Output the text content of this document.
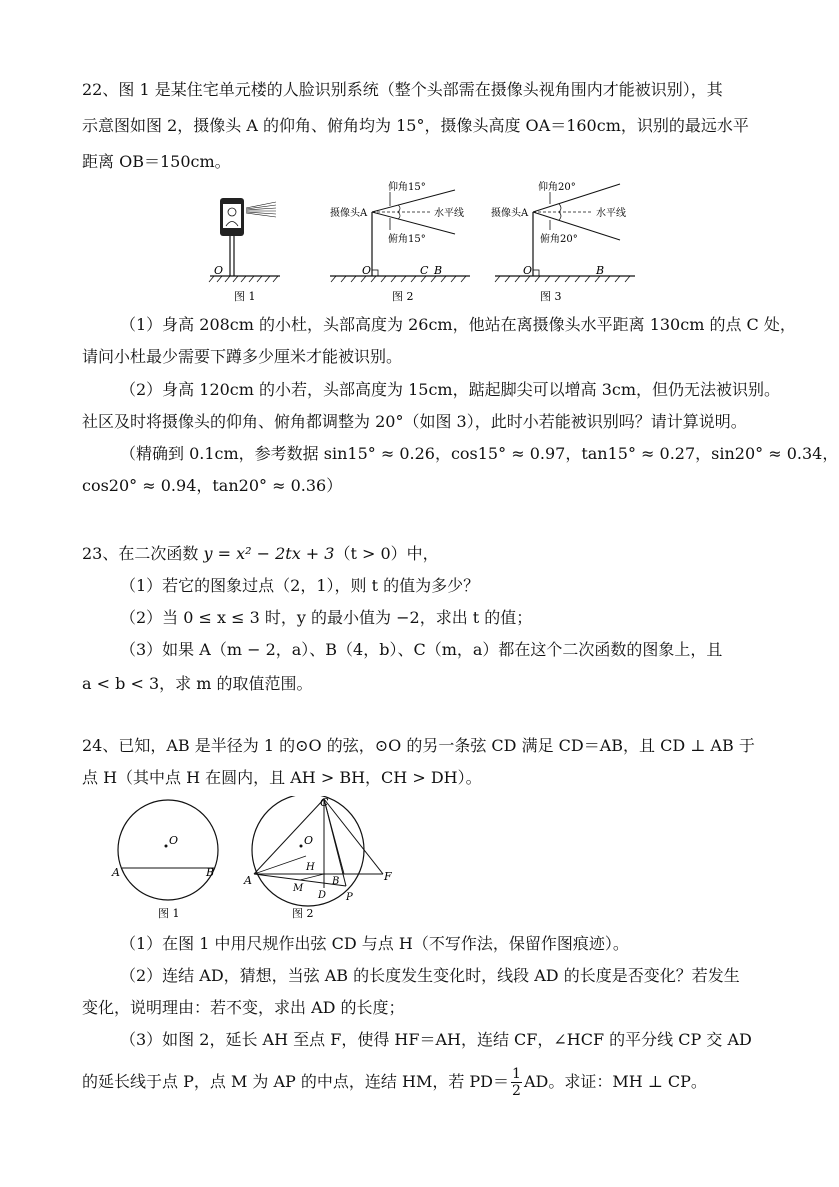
22、图 1 是某住宅单元楼的人脸识别系统（整个头部需在摄像头视角围内才能被识别），其
示意图如图 2，摄像头 A 的仰角、俯角均为 15°，摄像头高度 OA＝160cm，识别的最远水平
距离 OB＝150cm。
O
图 1
仰角15°
俯角15°
摄像头A	水平线
O	C B
图 2
仰角20°
俯角20°
摄像头A	水平线
O	B
图 3
（1）身高 208cm 的小杜，头部高度为 26cm，他站在离摄像头水平距离 130cm 的点 C 处，
请问小杜最少需要下蹲多少厘米才能被识别。
（2）身高 120cm 的小若，头部高度为 15cm，踮起脚尖可以增高 3cm，但仍无法被识别。
社区及时将摄像头的仰角、俯角都调整为 20°（如图 3），此时小若能被识别吗？请计算说明。
（精确到 0.1cm，参考数据 sin15° ≈ 0.26，cos15° ≈ 0.97，tan15° ≈ 0.27，sin20° ≈ 0.34，
cos20° ≈ 0.94，tan20° ≈ 0.36）
23、在二次函数 y = x² − 2tx + 3（t > 0）中，
（1）若它的图象过点（2，1），则 t 的值为多少？
（2）当 0 ≤ x ≤ 3 时，y 的最小值为 −2，求出 t 的值；
（3）如果 A（m − 2，a）、B（4，b）、C（m，a）都在这个二次函数的图象上，且
a < b < 3，求 m 的取值范围。
24、已知，AB 是半径为 1 的⊙O 的弦，⊙O 的另一条弦 CD 满足 CD＝AB，且 CD ⊥ AB 于
点 H（其中点 H 在圆内，且 AH > BH，CH > DH）。
O
A	B
图 1
O
C
H
A
M
B
D
F
P
图 2
（1）在图 1 中用尺规作出弦 CD 与点 H（不写作法，保留作图痕迹）。
（2）连结 AD，猜想，当弦 AB 的长度发生变化时，线段 AD 的长度是否变化？若发生
变化，说明理由：若不变，求出 AD 的长度；
（3）如图 2，延长 AH 至点 F，使得 HF＝AH，连结 CF，∠HCF 的平分线 CP 交 AD
的延长线于点 P，点 M 为 AP 的中点，连结 HM，若 $PD= \frac{1}{2}$ AD。求证：MH ⊥ CP。
